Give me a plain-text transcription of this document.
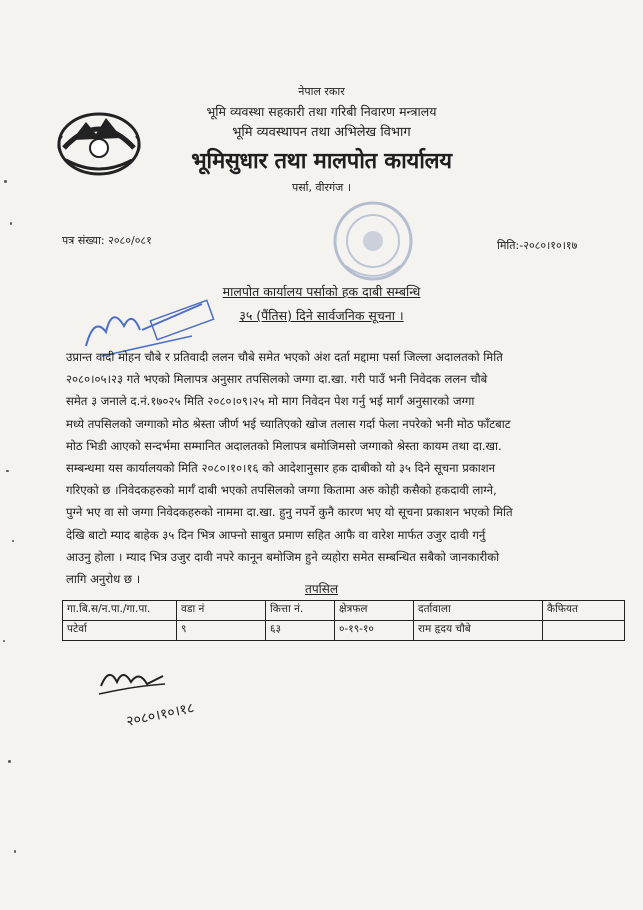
नेपाल रकार
भूमि व्यवस्था सहकारी तथा गरिबी निवारण मन्त्रालय
भूमि व्यवस्थापन तथा अभिलेख विभाग
भूमिसुधार तथा मालपोत कार्यालय
पर्सा, वीरगंज ।
पत्र संख्या: २०८०/०८१	मिति:-२०८०।१०।१७
मालपोत कार्यालय पर्साको हक दाबी सम्बन्धि
३५ (पैंतिस) दिने सार्वजनिक सूचना ।
उप्रान्त वादी मोहन चौबे र प्रतिवादी ललन चौबे समेत भएको अंश दर्ता मद्दामा पर्सा जिल्ला अदालतको मिति
२०८०।०५।२३ गते भएको मिलापत्र अनुसार तपसिलको जग्गा दा.खा. गरी पाउँ भनी निवेदक ललन चौबे
समेत ३ जनाले द.नं.१७०२५ मिति २०८०।०९।२५ मो माग निवेदन पेश गर्नु भई मार्गँ अनुसारको जग्गा
मध्ये तपसिलको जग्गाको मोठ श्रेस्ता जीर्ण भई च्यातिएको खोज तलास गर्दा फेला नपरेको भनी मोठ फाँटबाट
मोठ भिडी आएको सन्दर्भमा सम्मानित अदालतको मिलापत्र बमोजिमसो जग्गाको श्रेस्ता कायम तथा दा.खा.
सम्बन्धमा यस कार्यालयको मिति २०८०।१०।१६ को आदेशानुसार हक दाबीको यो ३५ दिने सूचना प्रकाशन
गरिएको छ ।निवेदकहरुको मार्गँ दाबी भएको तपसिलको जग्गा कितामा अरु कोही कसैको हकदावी लाग्ने,
पुग्ने भए वा सो जग्गा निवेदकहरुको नाममा दा.खा. हुनु नपर्ने कुनै कारण भए यो सूचना प्रकाशन भएको मिति
देखि बाटो म्याद बाहेक ३५ दिन भित्र आफ्नो साबुत प्रमाण सहित आफै वा वारेश मार्फत उजुर दावी गर्नु
आउनु होला । म्याद भित्र उजुर दावी नपरे कानून बमोजिम हुने व्यहोरा समेत सम्बन्धित सबैको जानकारीको
लागि अनुरोध छ ।
तपसिल
गा.बि.स/न.पा./गा.पा.	वडा नं	कित्ता नं.	क्षेत्रफल	दर्तावाला	कैफियत
पटेर्वा	९	६३	०-१९-१०	राम हृदय चौबे	
२०८०।१०।१८
